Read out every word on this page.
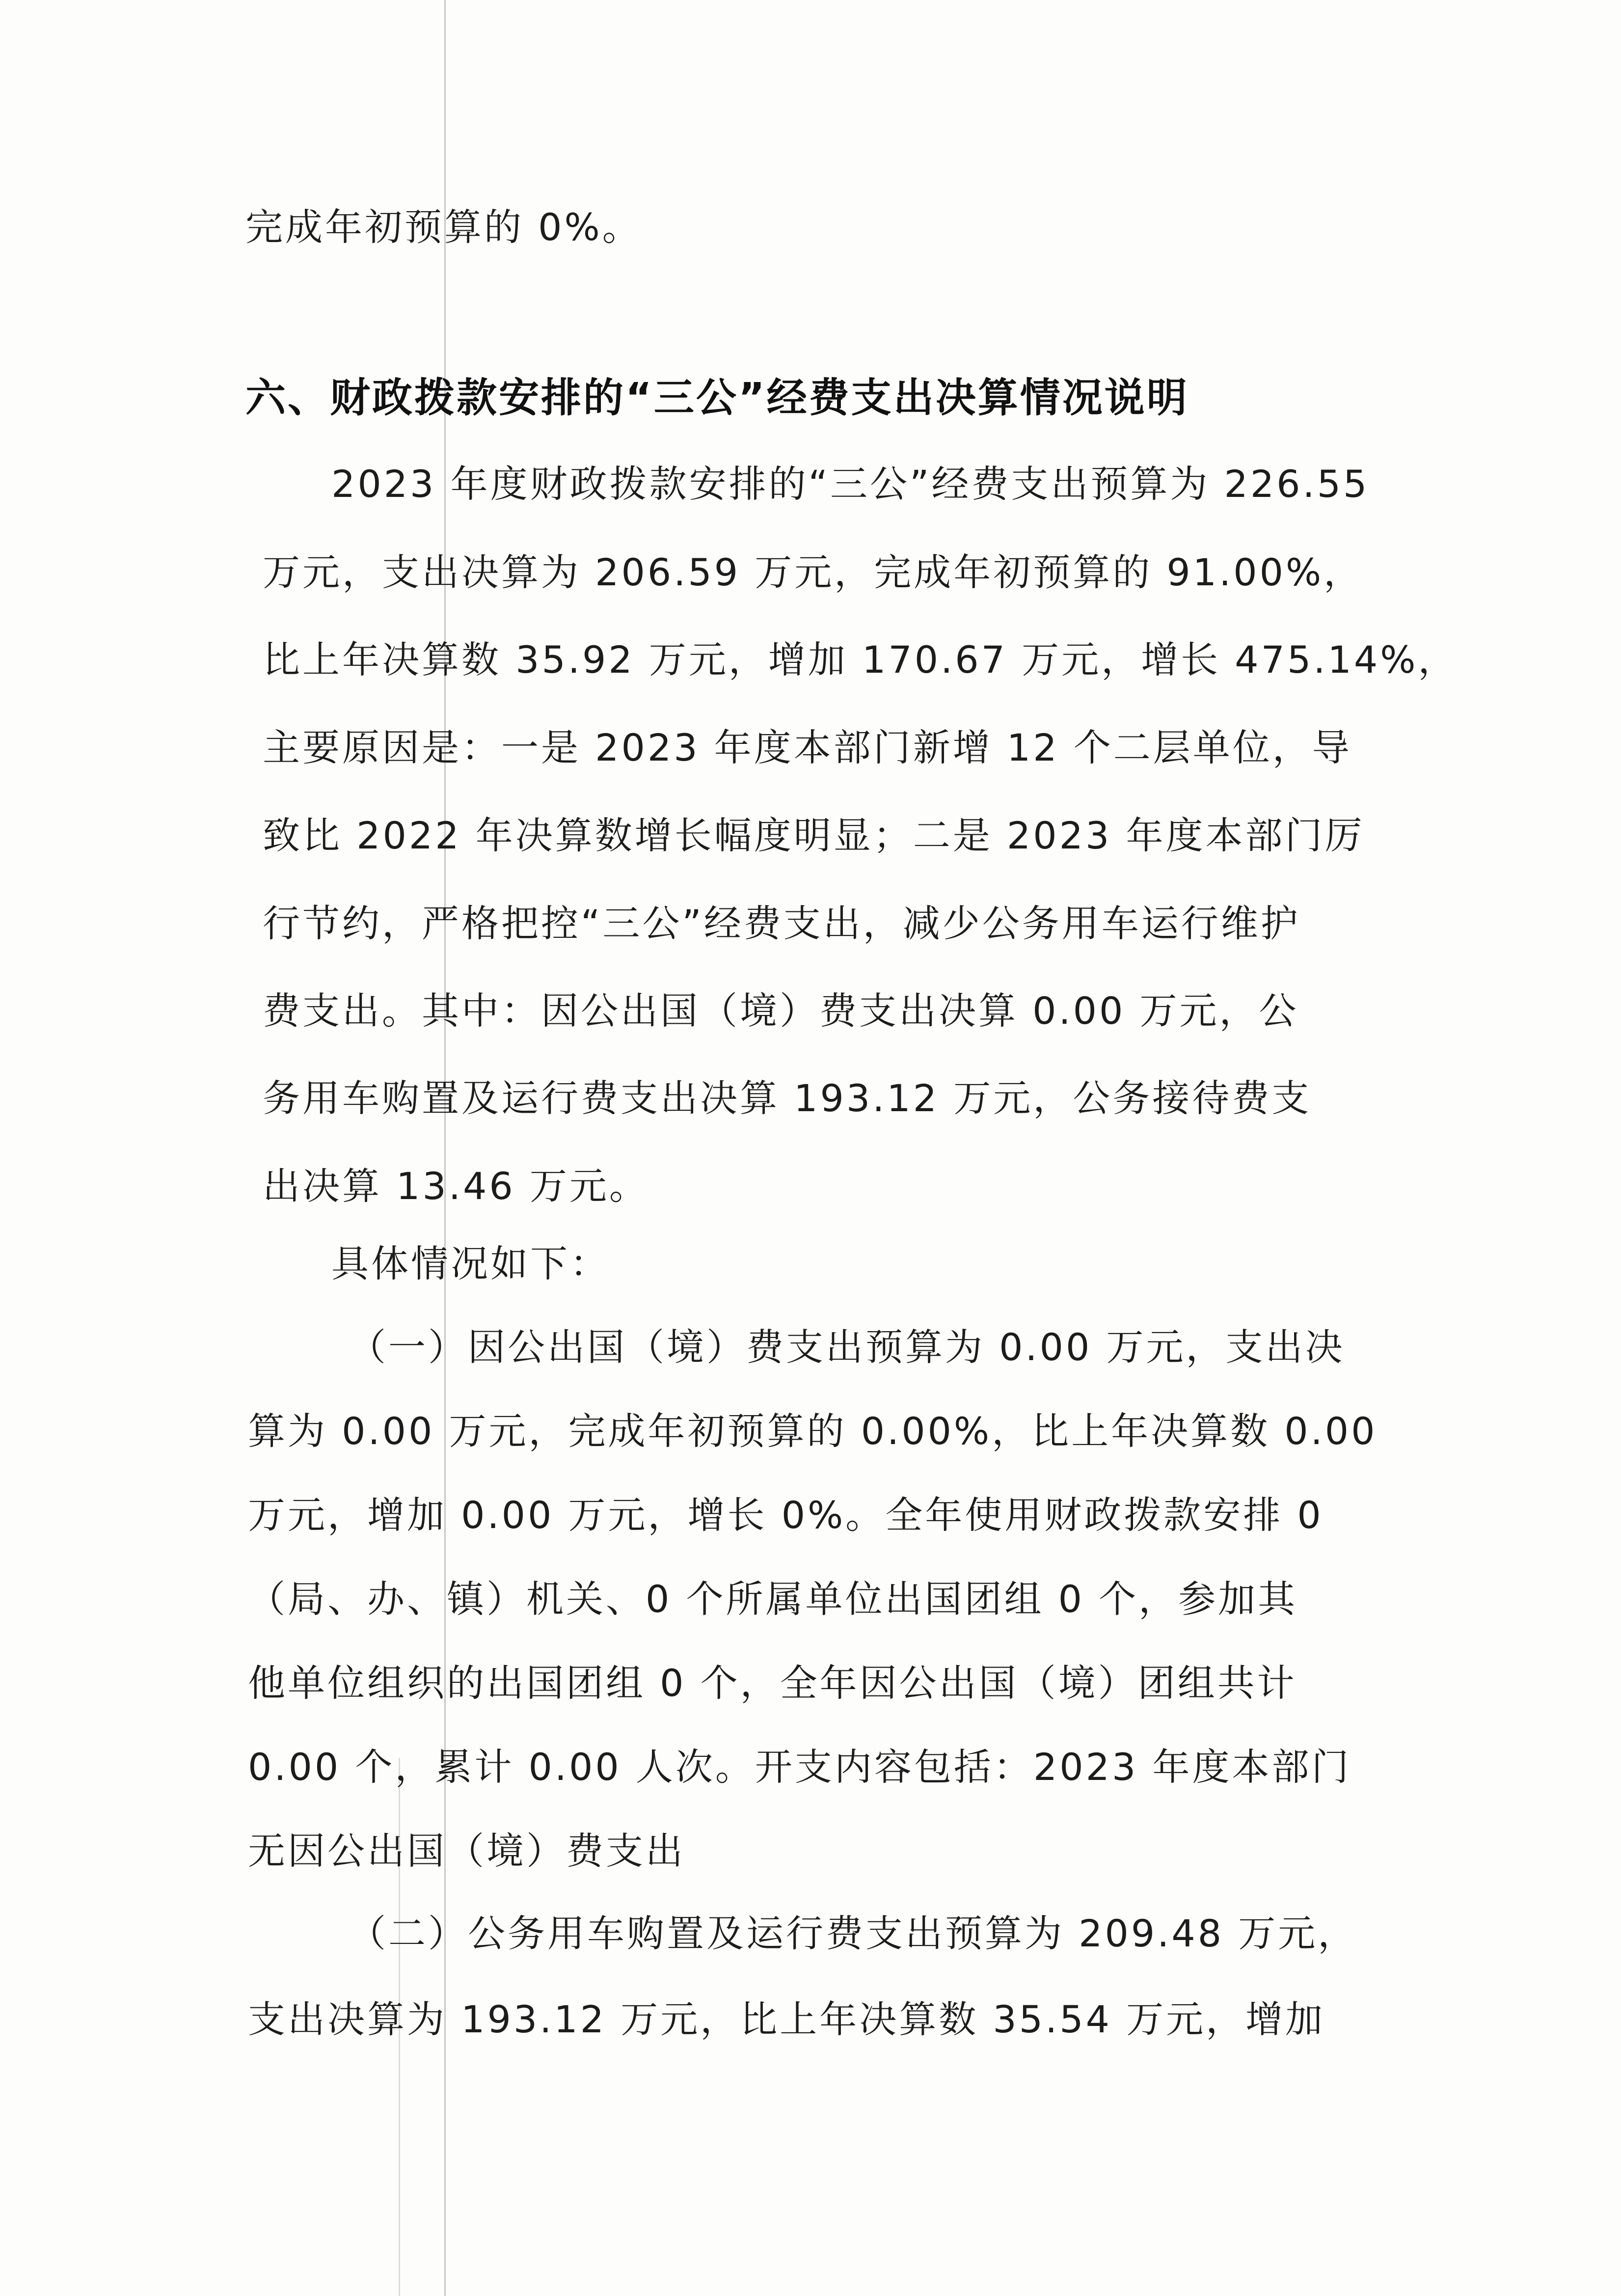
完成年初预算的 0%。
六、财政拨款安排的“三公”经费支出决算情况说明
2023 年度财政拨款安排的“三公”经费支出预算为 226.55
万元，支出决算为 206.59 万元，完成年初预算的 91.00%，
比上年决算数 35.92 万元，增加 170.67 万元，增长 475.14%，
主要原因是：一是 2023 年度本部门新增 12 个二层单位，导
致比 2022 年决算数增长幅度明显；二是 2023 年度本部门厉
行节约，严格把控“三公”经费支出，减少公务用车运行维护
费支出。其中：因公出国（境）费支出决算 0.00 万元，公
务用车购置及运行费支出决算 193.12 万元，公务接待费支
出决算 13.46 万元。
具体情况如下：
（一）因公出国（境）费支出预算为 0.00 万元，支出决
算为 0.00 万元，完成年初预算的 0.00%，比上年决算数 0.00
万元，增加 0.00 万元，增长 0%。全年使用财政拨款安排 0
（局、办、镇）机关、0 个所属单位出国团组 0 个，参加其
他单位组织的出国团组 0 个，全年因公出国（境）团组共计
0.00 个，累计 0.00 人次。开支内容包括：2023 年度本部门
无因公出国（境）费支出
（二）公务用车购置及运行费支出预算为 209.48 万元，
支出决算为 193.12 万元，比上年决算数 35.54 万元，增加
